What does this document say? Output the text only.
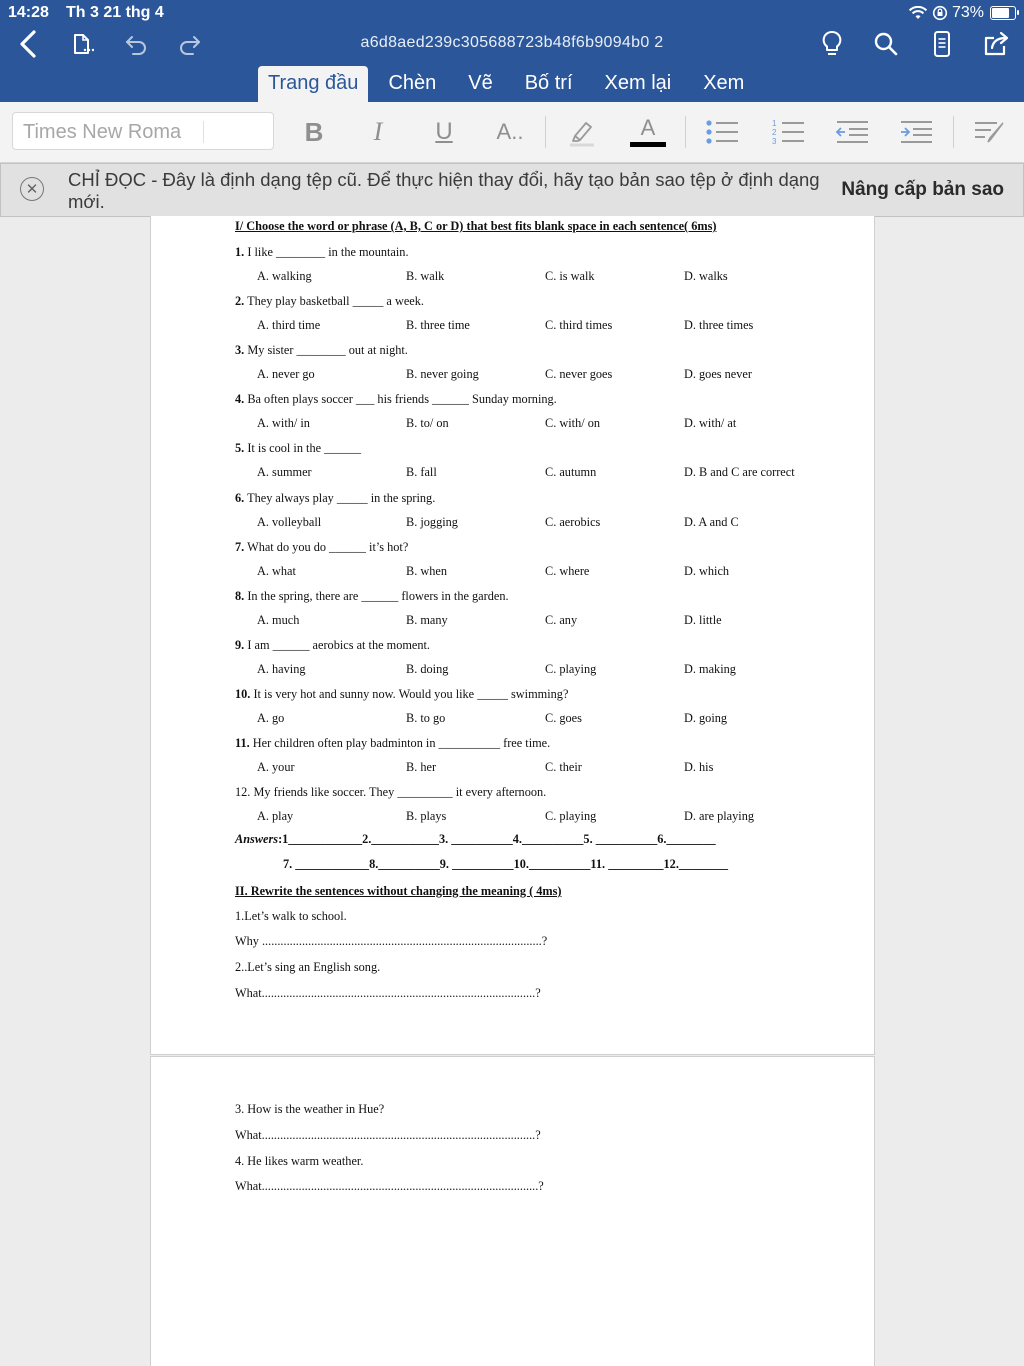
14:28 Th 3 21 thg 4	73%
a6d8aed239c305688723b48f6b9094b0 2
Trang đầu	Chèn	Vẽ	Bố trí	Xem lại	Xem
Times New Roma	B	I	U	A..	A	1
2
3
✕ CHỈ ĐỌC - Đây là định dạng tệp cũ. Để thực hiện thay đổi, hãy tạo bản sao tệp ở định dạng mới.
Nâng cấp bản sao
I/ Choose the word or phrase (A, B, C or D) that best fits blank space in each sentence( 6ms)
1. I like ________ in the mountain.
A. walking	B. walk	C. is walk	D. walks
2. They play basketball _____ a week.
A. third time	B. three time	C. third times	D. three times
3. My sister ________ out at night.
A. never go	B. never going	C. never goes	D. goes never
4. Ba often plays soccer ___ his friends ______ Sunday morning.
A. with/ in	B. to/ on	C. with/ on	D. with/ at
5. It is cool in the ______
A. summer	B. fall	C. autumn	D. B and C are correct
6. They always play _____ in the spring.
A. volleyball	B. jogging	C. aerobics	D. A and C
7. What do you do ______ it’s hot?
A. what	B. when	C. where	D. which
8. In the spring, there are ______ flowers in the garden.
A. much	B. many	C. any	D. little
9. I am ______ aerobics at the moment.
A. having	B. doing	C. playing	D. making
10. It is very hot and sunny now. Would you like _____ swimming?
A. go	B. to go	C. goes	D. going
11. Her children often play badminton in __________ free time.
A. your	B. her	C. their	D. his
12. My friends like soccer. They _________ it every afternoon.
A. play	B. plays	C. playing	D. are playing
Answers:1____________2.___________3. __________4.__________5. __________6.________
7. ____________8.__________9. __________10.__________11. _________12.________
II. Rewrite the sentences without changing the meaning ( 4ms)
1.Let’s walk to school.
Why ...........................................................................................?
2..Let’s sing an English song.
What.........................................................................................?
3. How is the weather in Hue?
What.........................................................................................?
4. He likes warm weather.
What..........................................................................................?
